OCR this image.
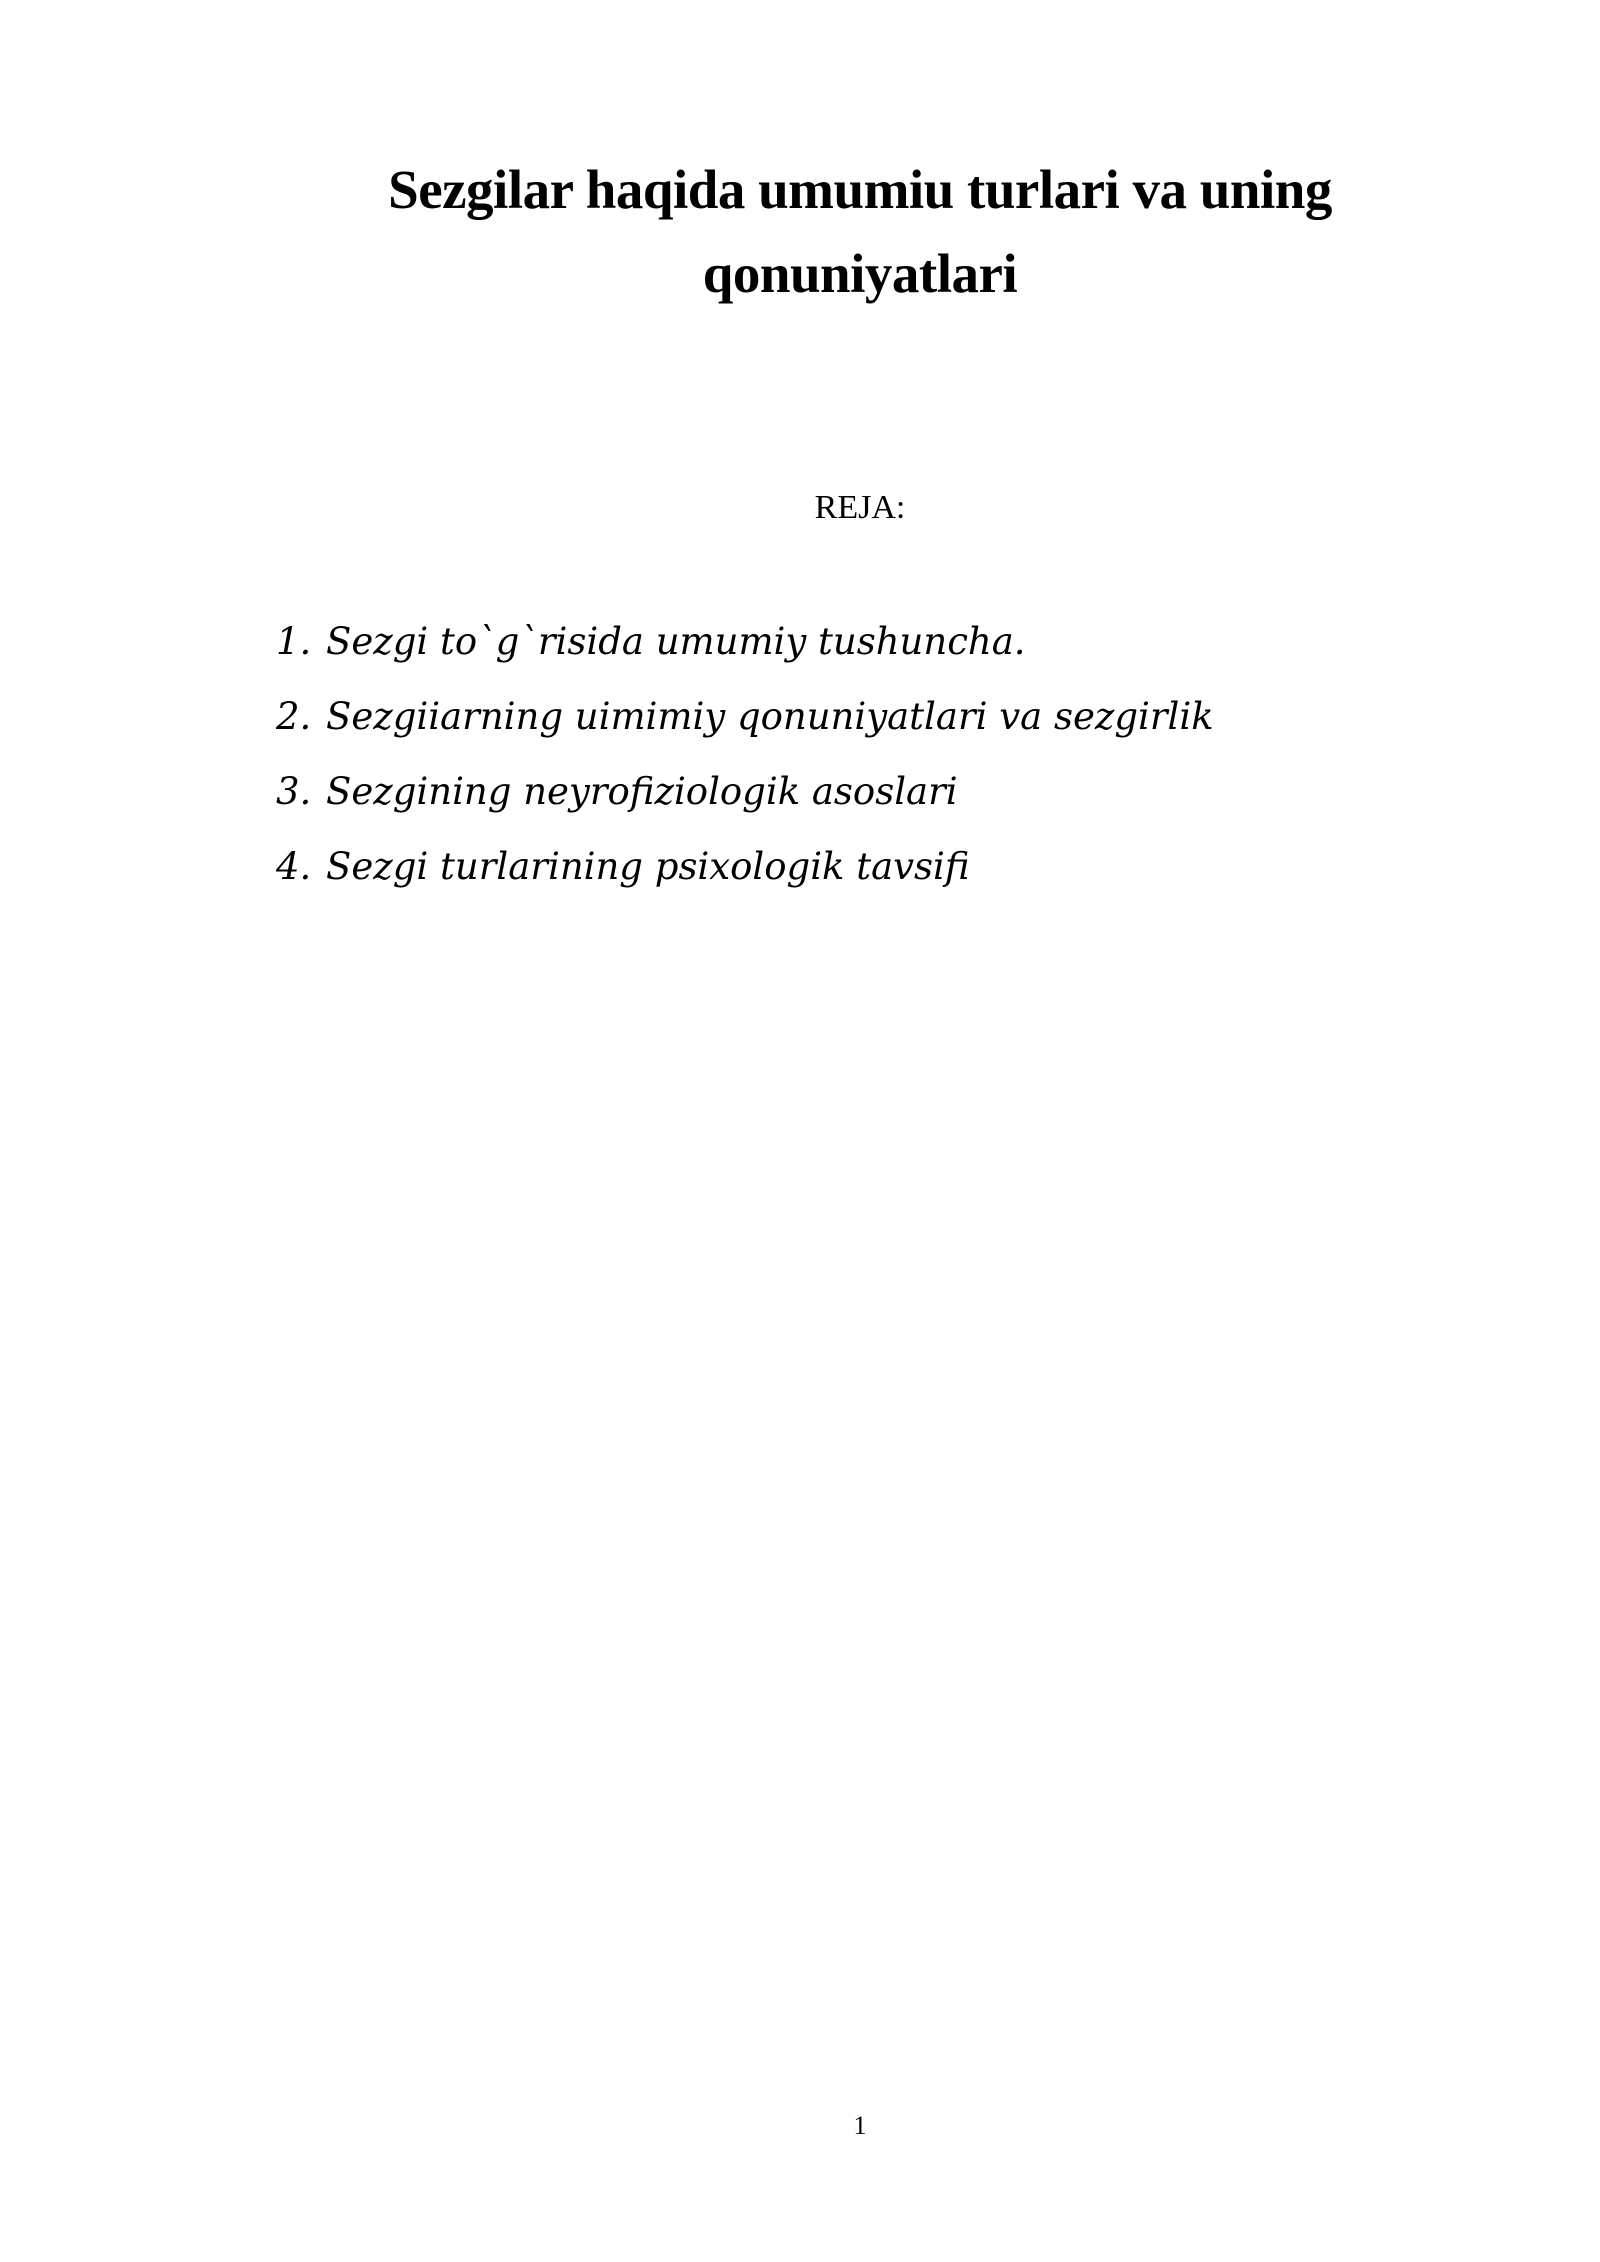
Sezgilar haqida umumiu turlari va uning
qonuniyatlari

REJA:

1. Sezgi to`g`risida umumiy tushuncha.
2. Sezgiiarning uimimiy qonuniyatlari va sezgirlik
3. Sezgining neyrofiziologik asoslari
4. Sezgi turlarining psixologik tavsifi
1
